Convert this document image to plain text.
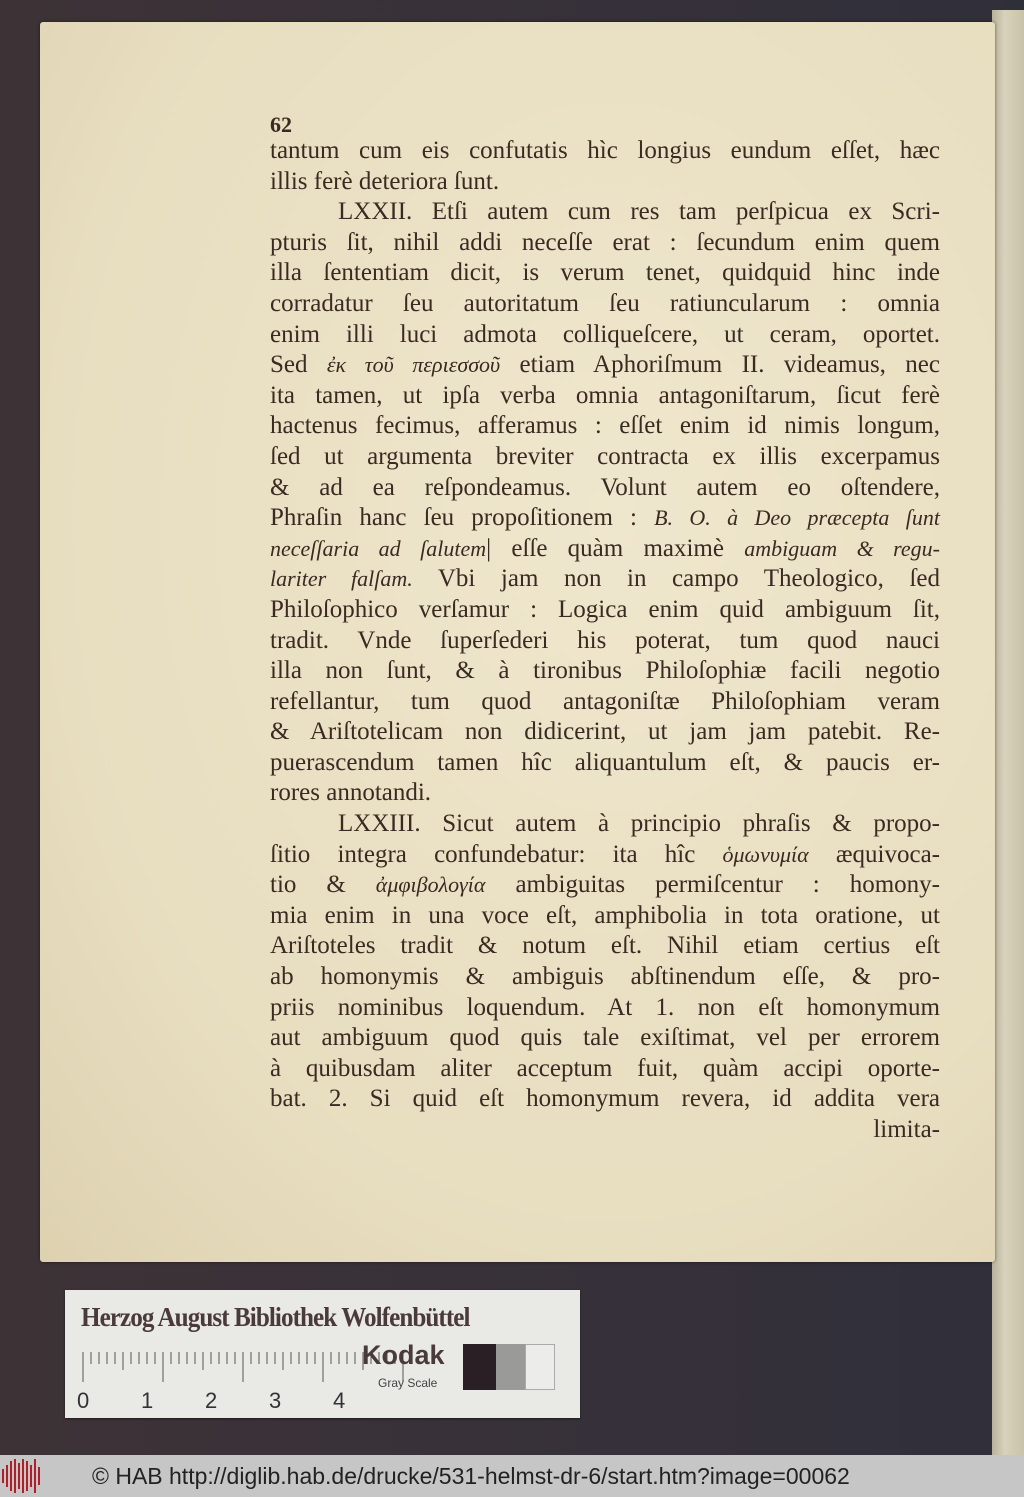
62
tantum cum eis confutatis hìc longius eundum eſſet, hæc
illis ferè deteriora ſunt.
LXXII. Etſi autem cum res tam perſpicua ex Scri-
pturis ſit, nihil addi neceſſe erat : ſecundum enim quem
illa ſententiam dicit, is verum tenet, quidquid hinc inde
corradatur ſeu autoritatum ſeu ratiuncularum : omnia
enim illi luci admota colliqueſcere, ut ceram, oportet.
Sed ἐκ τοῦ περιεσσοῦ etiam Aphoriſmum II. videamus, nec
ita tamen, ut ipſa verba omnia antagoniſtarum, ſicut ferè
hactenus fecimus, afferamus : eſſet enim id nimis longum,
ſed ut argumenta breviter contracta ex illis excerpamus
& ad ea reſpondeamus. Volunt autem eo oſtendere,
Phraſin hanc ſeu propoſitionem : B. O. à Deo præcepta ſunt
neceſſaria ad ſalutem| eſſe quàm maximè ambiguam & regu-
lariter falſam. Vbi jam non in campo Theologico, ſed
Philoſophico verſamur : Logica enim quid ambiguum ſit,
tradit. Vnde ſuperſederi his poterat, tum quod nauci
illa non ſunt, & à tironibus Philoſophiæ facili negotio
refellantur, tum quod antagoniſtæ Philoſophiam veram
& Ariſtotelicam non didicerint, ut jam jam patebit. Re-
puerascendum tamen hîc aliquantulum eſt, & paucis er-
rores annotandi.
LXXIII. Sicut autem à principio phraſis & propo-
ſitio integra confundebatur: ita hîc ὁμωνυμία æquivoca-
tio & ἀμφιβολογία ambiguitas permiſcentur : homony-
mia enim in una voce eſt, amphibolia in tota oratione, ut
Ariſtoteles tradit & notum eſt. Nihil etiam certius eſt
ab homonymis & ambiguis abſtinendum eſſe, & pro-
priis nominibus loquendum. At 1. non eſt homonymum
aut ambiguum quod quis tale exiſtimat, vel per errorem
à quibusdam aliter acceptum fuit, quàm accipi oporte-
bat. 2. Si quid eſt homonymum revera, id addita vera
limita-
Herzog August Bibliothek Wolfenbüttel
0 1 2 3 4
Kodak
Gray Scale
© HAB http://diglib.hab.de/drucke/531-helmst-dr-6/start.htm?image=00062
